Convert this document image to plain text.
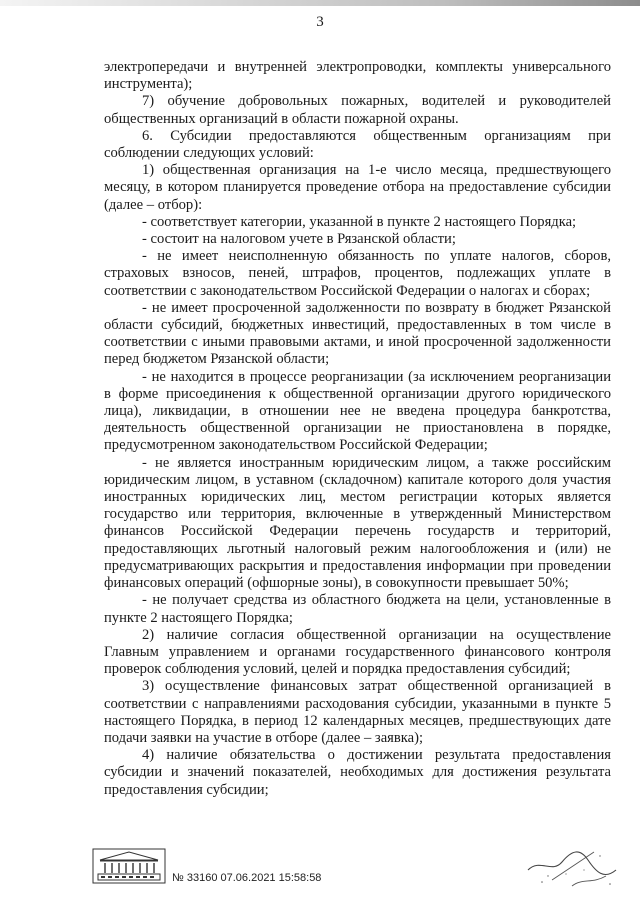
3

электропередачи и внутренней электропроводки, комплекты универсального инструмента);

7) обучение добровольных пожарных, водителей и руководителей общественных организаций в области пожарной охраны.

6. Субсидии предоставляются общественным организациям при соблюдении следующих условий:

1) общественная организация на 1-е число месяца, предшествующего месяцу, в котором планируется проведение отбора на предоставление субсидии (далее – отбор):

- соответствует категории, указанной в пункте 2 настоящего Порядка;

- состоит на налоговом учете в Рязанской области;

- не имеет неисполненную обязанность по уплате налогов, сборов, страховых взносов, пеней, штрафов, процентов, подлежащих уплате в соответствии с законодательством Российской Федерации о налогах и сборах;

- не имеет просроченной задолженности по возврату в бюджет Рязанской области субсидий, бюджетных инвестиций, предоставленных в том числе в соответствии с иными правовыми актами, и иной просроченной задолженности перед бюджетом Рязанской области;

- не находится в процессе реорганизации (за исключением реорганизации в форме присоединения к общественной организации другого юридического лица), ликвидации, в отношении нее не введена процедура банкротства, деятельность общественной организации не приостановлена в порядке, предусмотренном законодательством Российской Федерации;

- не является иностранным юридическим лицом, а также российским юридическим лицом, в уставном (складочном) капитале которого доля участия иностранных юридических лиц, местом регистрации которых является государство или территория, включенные в утвержденный Министерством финансов Российской Федерации перечень государств и территорий, предоставляющих льготный налоговый режим налогообложения и (или) не предусматривающих раскрытия и предоставления информации при проведении финансовых операций (офшорные зоны), в совокупности превышает 50%;

- не получает средства из областного бюджета на цели, установленные в пункте 2 настоящего Порядка;

2) наличие согласия общественной организации на осуществление Главным управлением и органами государственного финансового контроля проверок соблюдения условий, целей и порядка предоставления субсидий;

3) осуществление финансовых затрат общественной организацией в соответствии с направлениями расходования субсидии, указанными в пункте 5 настоящего Порядка, в период 12 календарных месяцев, предшествующих дате подачи заявки на участие в отборе (далее – заявка);

4) наличие обязательства о достижении результата предоставления субсидии и значений показателей, необходимых для достижения результата предоставления субсидии;

№ 33160 07.06.2021 15:58:58
